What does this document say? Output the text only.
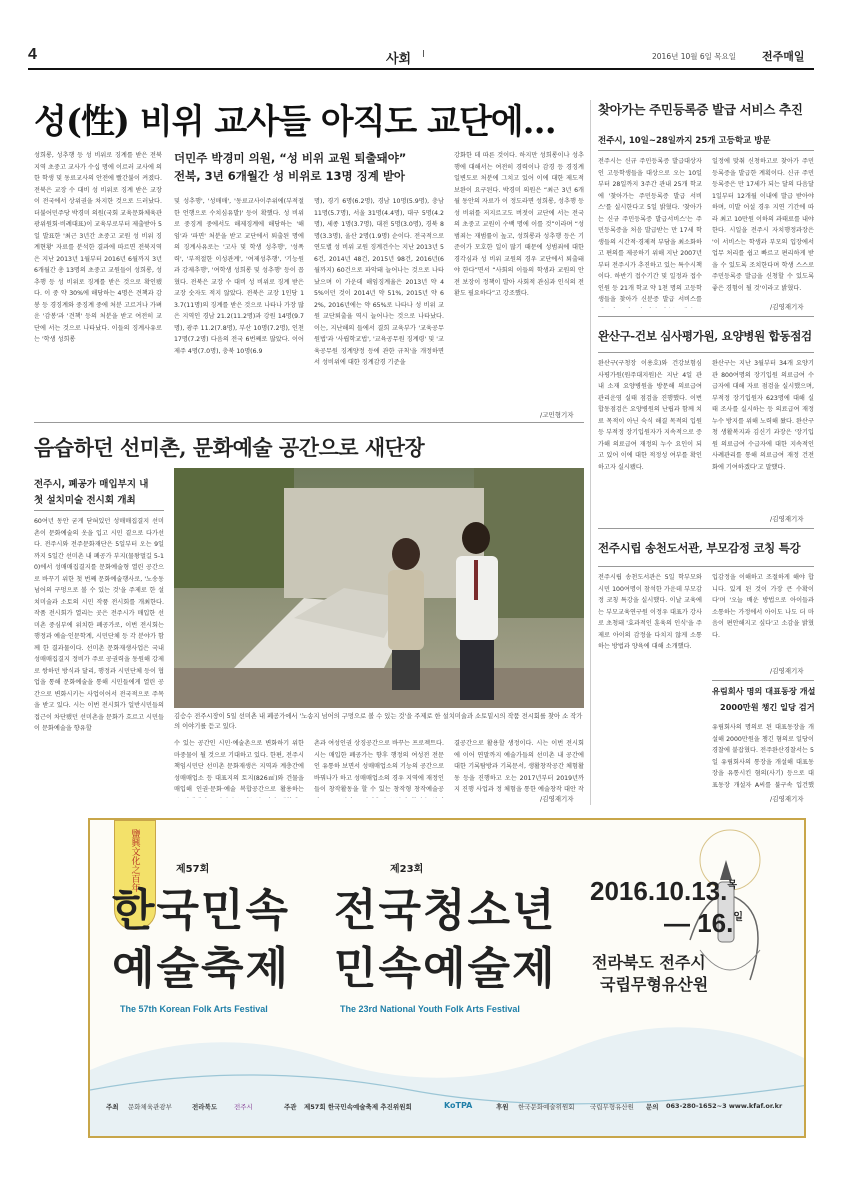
4	사회 I	2016년 10월 6일 목요일 전주매일
성(性) 비위 교사들 아직도 교단에…
더민주 박경미 의원, “성 비위 교원 퇴출돼야”
전북, 3년 6개월간 성 비위로 13명 징계 받아
성희롱, 성추행 등 성 비위로 징계를 받은 전북지역 초중고 교사가 수십 명에 이르러 교사에 의한 학생 및 동료교사의 안전에 빨간불이 켜졌다. 전북은 교장 수 대비 성 비위로 징계 받은 교장이 전국에서 상위권을 차지한 것으로 드러났다. 더불어민주당 박경미 의원(국회 교육문화체육관광위원회·비례대표)이 교육부로부터 제출받아 5일 발표한 '최근 3년간 초중고 교원 성 비위 징계현황' 자료를 분석한 결과에 따르면 전북지역은 지난 2013년 1월부터 2016년 6월까지 3년 6개월간 총 13명의 초중고 교원들이 성희롱, 성추행 등 성 비위로 징계를 받은 것으로 확인됐다. 이 중 약 30%에 해당하는 4명은 견책과 감봉 등 경징계와 중징계 중에 처분 고르거나 가벼운 '감봉'과 '견책' 등의 처분을 받고 여전히 교단에 서는 것으로 나타났다. 이들의 징계사유로는 '학생 성희롱
및 성추행', '성매매', '동료교사이주위에(부적절한 언행으로 수치심유발)' 등이 확했다. 성 비위로 중징계 중에서도 해제징계에 해당하는 '해임'과 '파면' 처분을 받고 교단에서 퇴출된 명에의 징계사유로는 '고사 및 학생 성추행', '성폭력', '부적절한 이성관계', '여제성추행', '기능원과 강제추행', '여학생 성희롱 및 성추행' 등이 꼽혔다. 전북은 교장 수 대비 성 비위로 징계 받은 교장 숫자도 적지 않았다. 전북은 교장 1인당 13.7(11명)의 징계를 받은 것으로 나타나 가장 많은 지역인 경남 21.2(11.2명)과 강원 14명(9.7명), 광주 11.2(7.8명), 부산 10명(7.2명), 인천 17명(7.2명) 다음의 전국 6번째로 많았다. 이어 제주 4명(7.0명), 충북 10명(6.9
명), 경기 6명(6.2명), 경남 10명(5.9명), 충남 11명(5.7명), 서울 31명(4.4명), 대구 5명(4.2명), 세종 1명(3.7명), 대전 5명(3.0명), 경북 8명(3.3명), 울산 2명(1.9명) 순이다. 전국적으로 연도별 성 비위 교원 징계건수는 지난 2013년 56건, 2014년 48건, 2015년 98건, 2016년(6월까지) 60건으로 파악돼 늘어나는 것으로 나타났으며 이 가운데 해임징계율은 2013년 약 45%이던 것이 2014년 약 51%, 2015년 약 62%, 2016년에는 약 65%로 나타나 성 비위 교원 교단퇴출율 역시 늘어나는 것으로 나타났다. 이는, 지난해의 들에서 결희 교육부가 '교육공무원법'과 '사립학교법', '교육공무원 징계령' 및 '교육공무원 징계양정 등에 관한 규칙'을 개정하면서 성비위에 대한 징계감경 기준을
강화한 데 따른 것이다. 하지만 성희롱이나 성추행에 대해서는 여전히 경력이나 감경 등 경징계 일변도로 처분에 그치고 있어 이에 대한 제도적 보완이 요구된다. 박경미 의원은 “최근 3년 6개월 동안의 자료가 이 정도라면 성희롱, 성추행 등 성 비위를 저지르고도 버젓이 교단에 서는 전국의 초중고 교원이 수백 명에 이를 것”이라며 “성범죄는 재범률이 높고, 성희롱과 성추행 등은 기준이가 모호한 일이 많기 때문에 성범죄에 대한 경각심과 성 비위 교원의 경우 교단에서 퇴출돼야 한다”면서 “사회의 이들의 학생과 교원의 안전 보장이 정책이 발아 사회적 관심과 인식의 전환도 필요하다”고 강조했다.
/고민형기자
음습하던 선미촌, 문화예술 공간으로 새단장
전주시, 폐공가 매입부지 내
첫 설치미술 전시회 개최
60여년 동안 굳게 닫혀있던 성매매집결지 선미촌이 문화예술의 옷을 입고 시민 곁으로 다가선다. 전주시와 전주문화재단은 5일부터 오는 9일까지 5일간 선미촌 내 폐공가 부지(물왕멀길 5-10)에서 성매매집결지를 문화예술형 열린 공간으로 바꾸기 위한 첫 번째 문화예술행사로, '노송동 넘어의 구멍으로 볼 수 있는 것'을 주제로 한 설치미술과 소토의 시민 작품 전시회를 개최한다. 작품 전시회가 열리는 곳은 전주시가 매입한 선미촌 중심부에 위치한 폐공가로, 이번 전시회는 행정과 예술·인문학계, 시민단체 등 각 분야가 함께 한 결과물이다. 선미촌 문화재생사업은 국내 성매매집결지 정비가 주로 공권력을 동원해 강제로 쌍하던 방식과 달리, 행정과 시민단체 등이 협업을 통해 문화예술을 통해 시민들에게 열린 공간으로 변화시키는 사업이어서 전국적으로 주목을 받고 있다. 시는 이번 전시회가 일반시민들의 접근이 차단됐던 선미촌을 문화가 흐르고 시민들이 문화예술을 향유할
김승수 전주시장이 5일 선미촌 내 폐공가에서 '노송지 넘어의 구멍으로 볼 수 있는 것'을 주제로 한 설치미술과 소토밑시의 작품 전시회를 찾아 소 작가의 이야기를 듣고 있다.
수 있는 공간인 시민·예술촌으로 변화하기 위한 마중물이 될 것으로 기대하고 있다. 한편, 전주시 책임시민단 선미촌 문화재생은 지역과 계층간에 성매매업소 등 대표지의 토지(826㎡)와 건물을 매입해 인권·문화·예술 복합공간으로 활용하는
촌과 여성인권 상징공간으로 바꾸는 프로젝트다. 시는 매입한 폐공가는 향후 행정의 여성전 전문인 유통하 보면서 성매매업소의 기능의 공간으로 바꿔나가 하고 성매매업소의 경우 지역에 재정인 들이 창작활동을 할 수 있는 창작형 창작예술공
결공간으로 활용할 생정이다. 시는 이번 전시회에 이어 연말까지 예술가들의 선미촌 내 공간에 대한 기록탐방과 기록문서, 생활창작공간 체험활동 등을 진행하고 오는 2017년부터 2019년까지 진행 사업과 정 체험을 통한 예술창작 대안 작
/김영재기자
찾아가는 주민등록증 발급 서비스 추진
전주시, 10일~28일까지 25개 고등학교 방문
전주시는 신규 주민등록증 발급대상자인 고등학생들을 대상으로 오는 10일부터 28일까지 3주간 관내 25개 학교에 '찾아가는 주민등록증 발급 서비스'를 실시한다고 5일 밝혔다. '찾아가는 신규 주민등록증 발급서비스'는 주민등록증을 처음 발급받는 만 17세 학생들의 시간적·경제적 부담을 최소화하고 편의를 제공하기 위해 지난 2007년부터 전주시가 추진하고 있는 특수시책이다. 하반기 접수기간 및 일정과 접수인원 등 21개 학교 약 1천 명의 고등학생들을 찾아가 신분증 발급 서비스를
일정에 맞춰 신청하고로 찾아가 주민등록증을 발급한 계획이다. 신규 주민등록증은 만 17세가 되는 달의 다음달 1일부터 12개월 이내에 발급 받아야 하며, 미발 어설 경우 지연 기간에 따라 최고 10만원 이하의 과태료를 내야 한다. 시일을 전주시 자치행정과장은 '이 서비스는 학생과 부모의 입장에서 업무 처리를 쉽고 빠르고 편리하게 받을 수 있도록 조치한다며 학생 스스로 주민등록증 발급을 신청할 수 있도록 좋은 경험이 될 것'이라고 밝혔다.
/김영재기자
완산구-건보 심사평가원, 요양병원 합동점검
완산구(구청장 이용호)와 건강보험심사평가원(원주대지원)은 지난 4일 관내 소재 요양병원을 방문해 의료급여 관리운영 실태 점검을 진행했다. 이번 합동점검은 요양병원의 난립과 함께 치료 목적이 아닌 숙식 해결 목적의 입원 등 부적정 장기입원자가 지속적으로 증가해 의료급여 재정의 누수 요인이 되고 있어 이에 대한 적정성 여부를 확인하고자 실시됐다.
완산구는 지난 3월부터 34개 요양기관 800여명의 장기입원 의료급여 수급자에 대해 자료 점검을 실시했으며, 부적정 장기입원자 623명에 대해 실태 조사를 실시하는 등 의료급여 재정 누수 방지를 위해 노력해 왔다. 완산구청 생활복지과 김신기 과장은 '장기입원 의료급여 수급자에 대한 지속적인 사례관리를 통해 의료급여 재정 건전화에 기여하겠다'고 말했다.
/김영재기자
전주시립 송천도서관, 부모감정 코칭 특강
전주시립 송천도서관은 5일 학부모와 시민 100여명이 참석한 가운데 부모감정 코칭 특강을 실시했다. 이날 교육에는 부모교육연구원 이정우 대표가 강사로 초청돼 '효과적인 훈육의 인식'을 주제로 아이의 감정을 다치지 않게 소통하는 방법과 양육에 대해 소개했다.
입감정을 이해하고 조절하게 해야 합니다. 있게 된 것이 가장 큰 수확이다'며 '오늘 배운 방법으로 아이들과 소통하는 가정에서 아이도 나도 더 마음이 편안해지고 싶다'고 소감을 밝혔다.
/김영재기자
유림회사 명의 대표동장 개설
2000만원 챙긴 일당 검거
유림회사의 명의로 된 대표동장을 개설해 2000만원을 챙긴 혐의로 일당이 경찰에 붙잡혔다. 전주완산경찰서는 5일 유림회사의 통장을 개설해 대표동장을 유통시킨 혐의(사기) 등으로 대표동장 개설자 A씨를 불구속 입건했
/김영재기자
鹽興文化之百年	제57회
한국민속
예술축제
제23회
전국청소년
민속예술제
2016.10.13.$^목$
— 16.$^일$
전라북도 전주시
국립무형유산원
The 57th Korean Folk Arts Festival	The 23rd National Youth Folk Arts Festival
주최 문화체육관광부	전라북도	전주시	주관 제57회 한국민속예술축제 추진위원회	KoTPA	후원 한국문화예술위원회 국립무형유산원 문의 063-280-1652~3 www.kfaf.or.kr
